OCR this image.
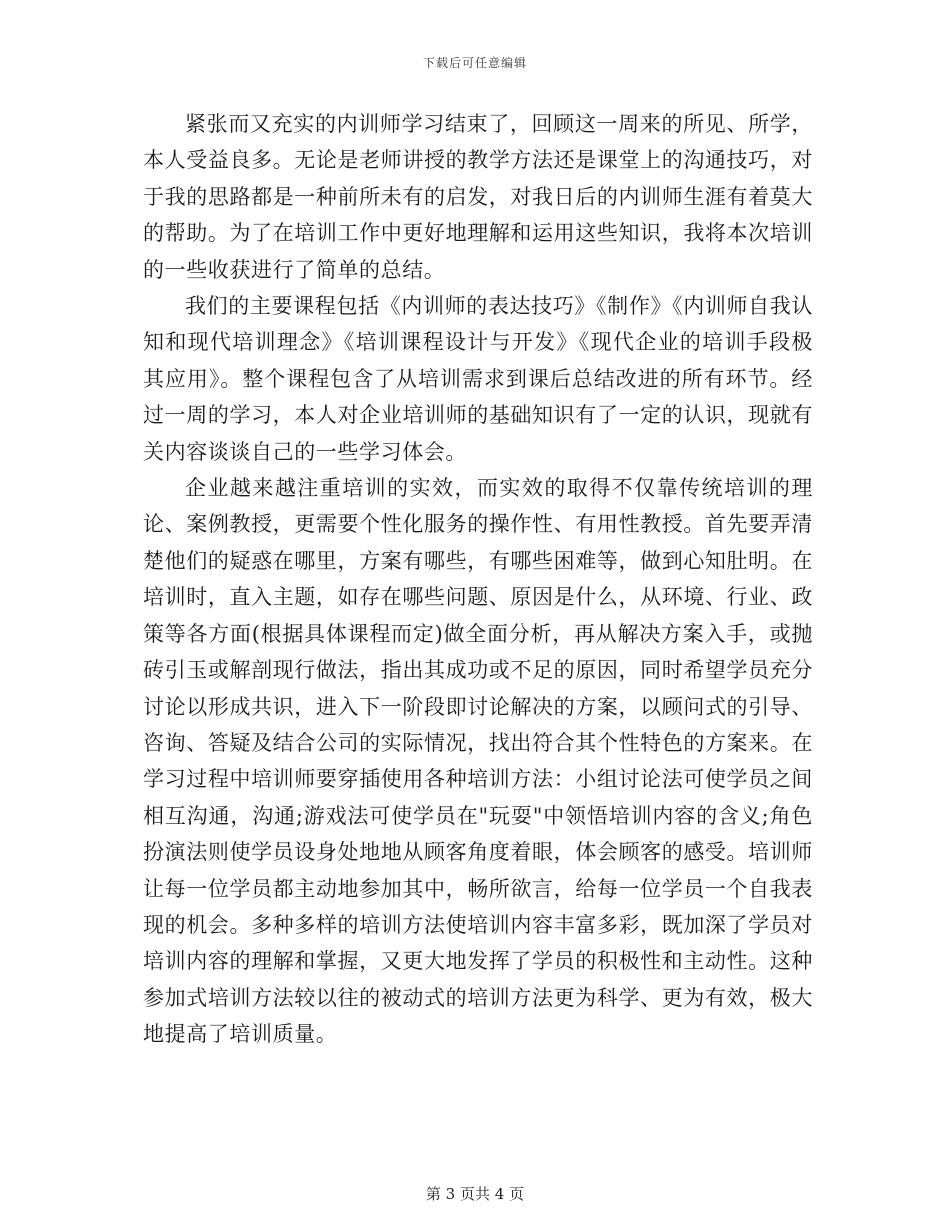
下载后可任意编辑

紧张而又充实的内训师学习结束了，回顾这一周来的所见、所学，本人受益良多。无论是老师讲授的教学方法还是课堂上的沟通技巧，对于我的思路都是一种前所未有的启发，对我日后的内训师生涯有着莫大的帮助。为了在培训工作中更好地理解和运用这些知识，我将本次培训的一些收获进行了简单的总结。

我们的主要课程包括《内训师的表达技巧》《制作》《内训师自我认知和现代培训理念》《培训课程设计与开发》《现代企业的培训手段极其应用》。整个课程包含了从培训需求到课后总结改进的所有环节。经过一周的学习，本人对企业培训师的基础知识有了一定的认识，现就有关内容谈谈自己的一些学习体会。

企业越来越注重培训的实效，而实效的取得不仅靠传统培训的理论、案例教授，更需要个性化服务的操作性、有用性教授。首先要弄清楚他们的疑惑在哪里，方案有哪些，有哪些困难等，做到心知肚明。在培训时，直入主题，如存在哪些问题、原因是什么，从环境、行业、政策等各方面(根据具体课程而定)做全面分析，再从解决方案入手，或抛砖引玉或解剖现行做法，指出其成功或不足的原因，同时希望学员充分讨论以形成共识，进入下一阶段即讨论解决的方案，以顾问式的引导、咨询、答疑及结合公司的实际情况，找出符合其个性特色的方案来。在学习过程中培训师要穿插使用各种培训方法：小组讨论法可使学员之间相互沟通，沟通;游戏法可使学员在"玩耍"中领悟培训内容的含义;角色扮演法则使学员设身处地地从顾客角度着眼，体会顾客的感受。培训师让每一位学员都主动地参加其中，畅所欲言，给每一位学员一个自我表现的机会。多种多样的培训方法使培训内容丰富多彩，既加深了学员对培训内容的理解和掌握，又更大地发挥了学员的积极性和主动性。这种参加式培训方法较以往的被动式的培训方法更为科学、更为有效，极大地提高了培训质量。

第 3 页共 4 页
